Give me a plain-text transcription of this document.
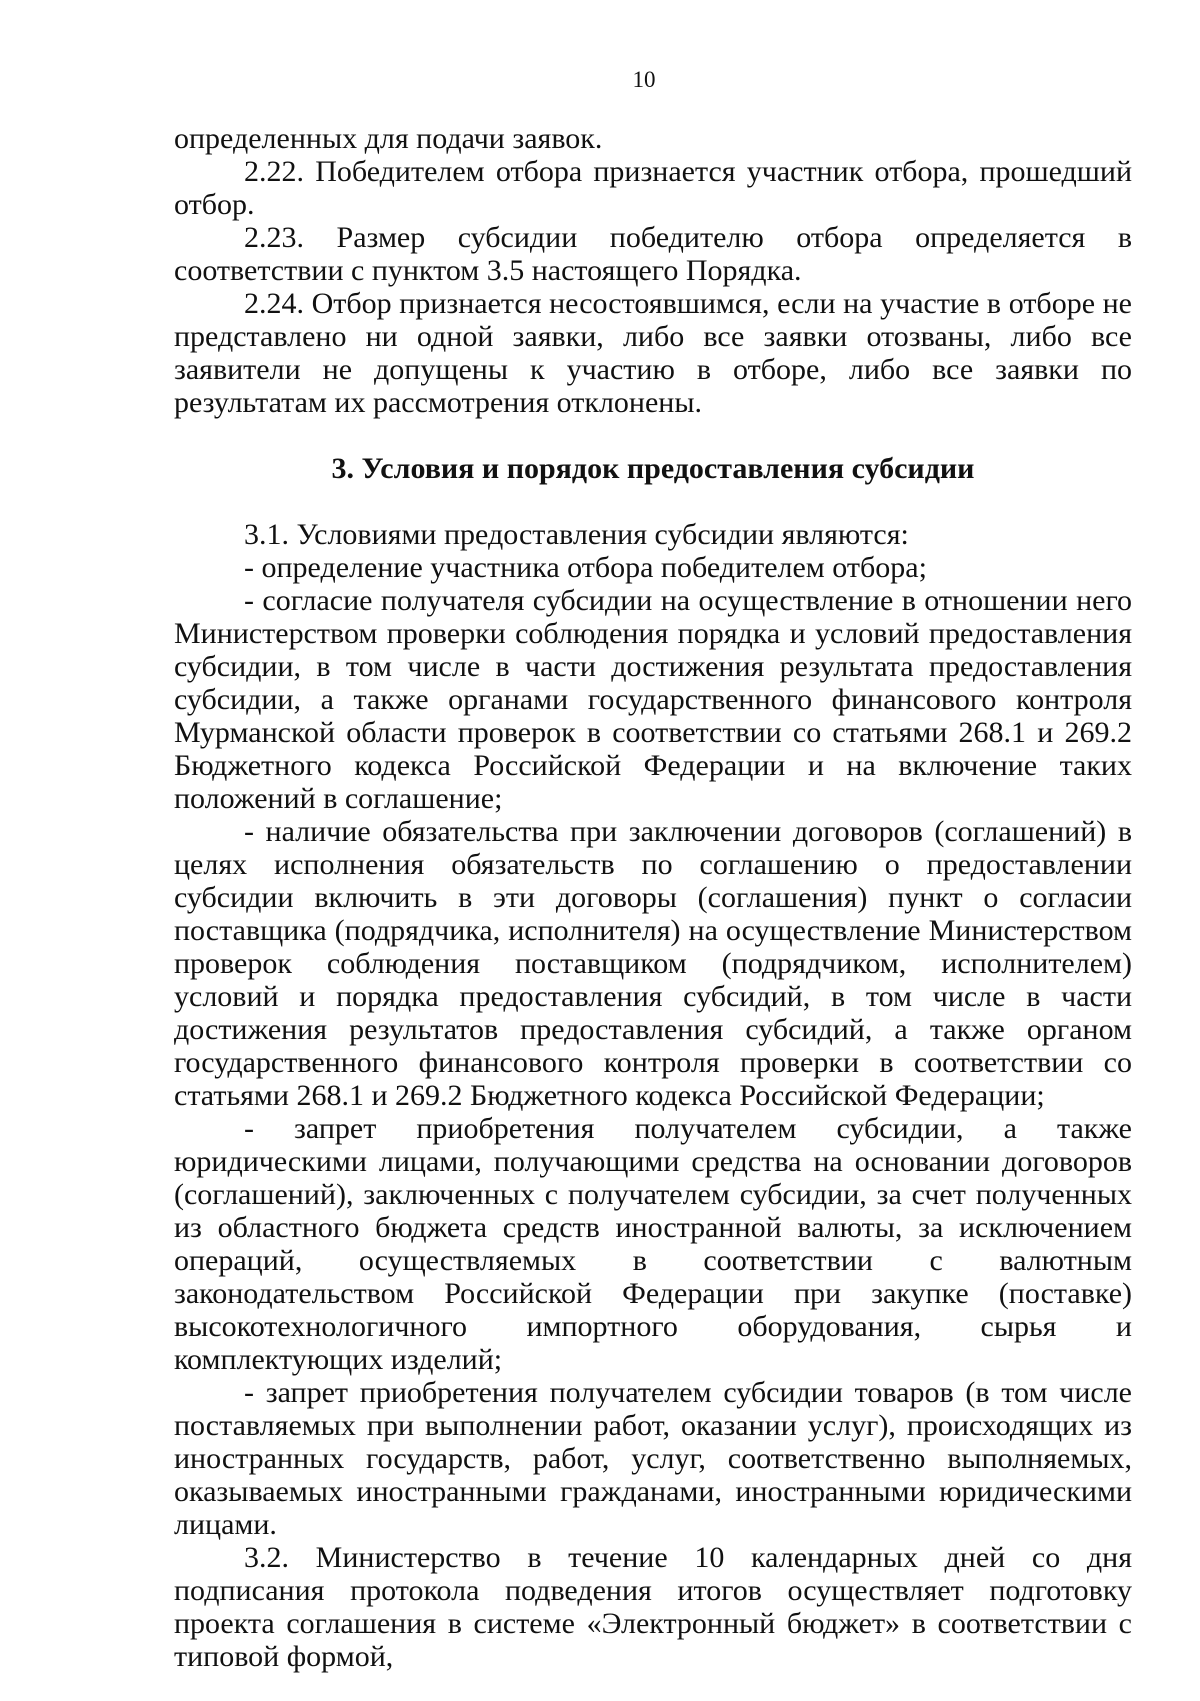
10

определенных для подачи заявок.

2.22. Победителем отбора признается участник отбора, прошедший отбор.

2.23. Размер субсидии победителю отбора определяется в соответствии с пунктом 3.5 настоящего Порядка.

2.24. Отбор признается несостоявшимся, если на участие в отборе не представлено ни одной заявки, либо все заявки отозваны, либо все заявители не допущены к участию в отборе, либо все заявки по результатам их рассмотрения отклонены.

3. Условия и порядок предоставления субсидии

3.1. Условиями предоставления субсидии являются:

- определение участника отбора победителем отбора;

- согласие получателя субсидии на осуществление в отношении него Министерством проверки соблюдения порядка и условий предоставления субсидии, в том числе в части достижения результата предоставления субсидии, а также органами государственного финансового контроля Мурманской области проверок в соответствии со статьями 268.1 и 269.2 Бюджетного кодекса Российской Федерации и на включение таких положений в соглашение;

- наличие обязательства при заключении договоров (соглашений) в целях исполнения обязательств по соглашению о предоставлении субсидии включить в эти договоры (соглашения) пункт о согласии поставщика (подрядчика, исполнителя) на осуществление Министерством проверок соблюдения поставщиком (подрядчиком, исполнителем) условий и порядка предоставления субсидий, в том числе в части достижения результатов предоставления субсидий, а также органом государственного финансового контроля проверки в соответствии со статьями 268.1 и 269.2 Бюджетного кодекса Российской Федерации;

- запрет приобретения получателем субсидии, а также юридическими лицами, получающими средства на основании договоров (соглашений), заключенных с получателем субсидии, за счет полученных из областного бюджета средств иностранной валюты, за исключением операций, осуществляемых в соответствии с валютным законодательством Российской Федерации при закупке (поставке) высокотехнологичного импортного оборудования, сырья и комплектующих изделий;

- запрет приобретения получателем субсидии товаров (в том числе поставляемых при выполнении работ, оказании услуг), происходящих из иностранных государств, работ, услуг, соответственно выполняемых, оказываемых иностранными гражданами, иностранными юридическими лицами.

3.2. Министерство в течение 10 календарных дней со дня подписания протокола подведения итогов осуществляет подготовку проекта соглашения в системе «Электронный бюджет» в соответствии с типовой формой,
